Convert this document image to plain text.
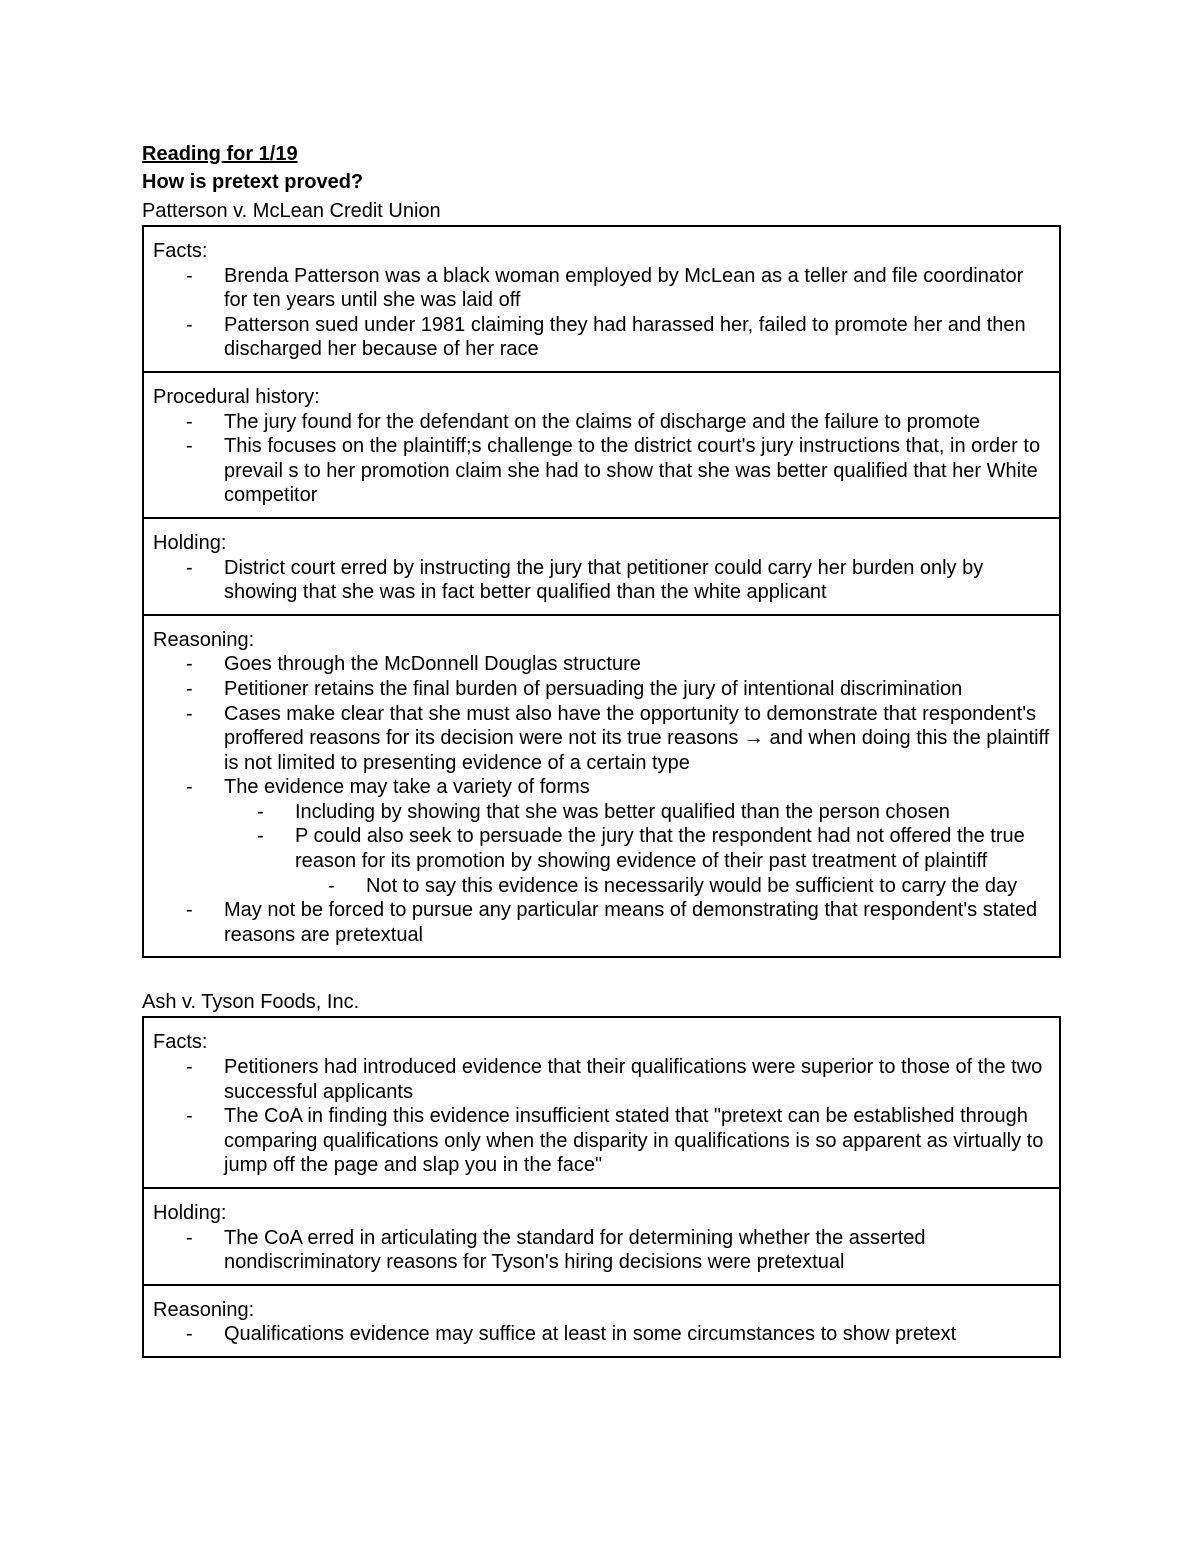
Reading for 1/19
How is pretext proved?
Patterson v. McLean Credit Union
Facts:
- Brenda Patterson was a black woman employed by McLean as a teller and file coordinator for ten years until she was laid off
- Patterson sued under 1981 claiming they had harassed her, failed to promote her and then discharged her because of her race
Procedural history:
- The jury found for the defendant on the claims of discharge and the failure to promote
- This focuses on the plaintiff;s challenge to the district court's jury instructions that, in order to prevail s to her promotion claim she had to show that she was better qualified that her White competitor
Holding:
- District court erred by instructing the jury that petitioner could carry her burden only by showing that she was in fact better qualified than the white applicant
Reasoning:
- Goes through the McDonnell Douglas structure
- Petitioner retains the final burden of persuading the jury of intentional discrimination
- Cases make clear that she must also have the opportunity to demonstrate that respondent's proffered reasons for its decision were not its true reasons → and when doing this the plaintiff is not limited to presenting evidence of a certain type
- The evidence may take a variety of forms
- Including by showing that she was better qualified than the person chosen
- P could also seek to persuade the jury that the respondent had not offered the true reason for its promotion by showing evidence of their past treatment of plaintiff
- Not to say this evidence is necessarily would be sufficient to carry the day
- May not be forced to pursue any particular means of demonstrating that respondent's stated reasons are pretextual
Ash v. Tyson Foods, Inc.
Facts:
- Petitioners had introduced evidence that their qualifications were superior to those of the two successful applicants
- The CoA in finding this evidence insufficient stated that "pretext can be established through comparing qualifications only when the disparity in qualifications is so apparent as virtually to jump off the page and slap you in the face"
Holding:
- The CoA erred in articulating the standard for determining whether the asserted nondiscriminatory reasons for Tyson's hiring decisions were pretextual
Reasoning:
- Qualifications evidence may suffice at least in some circumstances to show pretext
